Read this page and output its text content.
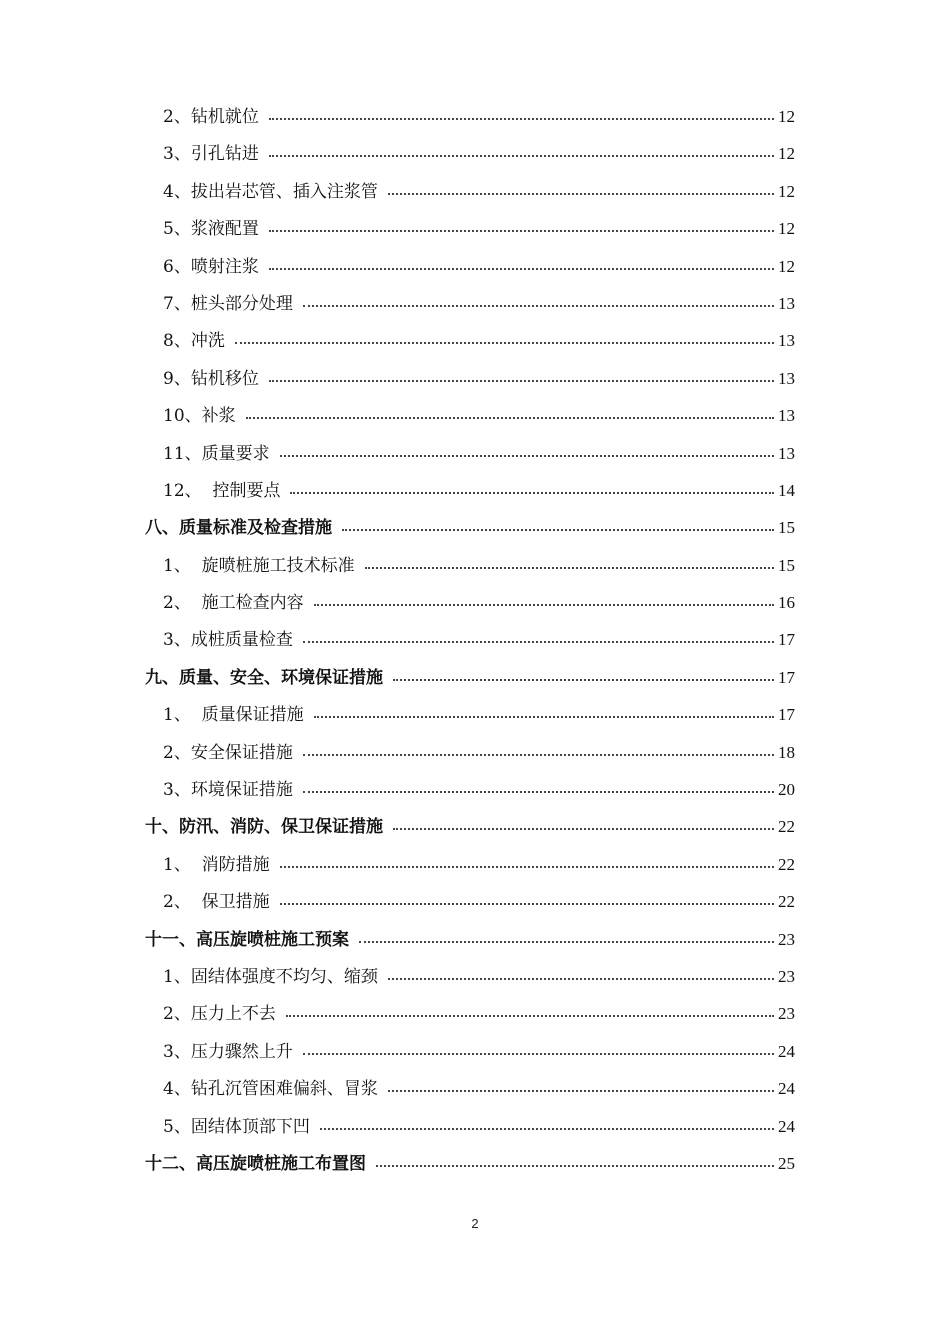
2、钻机就位	12
3、引孔钻进	12
4、拔出岩芯管、插入注浆管	12
5、浆液配置	12
6、喷射注浆	12
7、桩头部分处理	13
8、冲洗	13
9、钻机移位	13
10、补浆	13
11、质量要求	13
12、  控制要点	14
八、质量标准及检查措施	15
1、  旋喷桩施工技术标准	15
2、  施工检查内容	16
3、成桩质量检查	17
九、质量、安全、环境保证措施	17
1、  质量保证措施	17
2、安全保证措施	18
3、环境保证措施	20
十、防汛、消防、保卫保证措施	22
1、  消防措施	22
2、  保卫措施	22
十一、高压旋喷桩施工预案	23
1、固结体强度不均匀、缩颈	23
2、压力上不去	23
3、压力骤然上升	24
4、钻孔沉管困难偏斜、冒浆	24
5、固结体顶部下凹	24
十二、高压旋喷桩施工布置图	25
2
